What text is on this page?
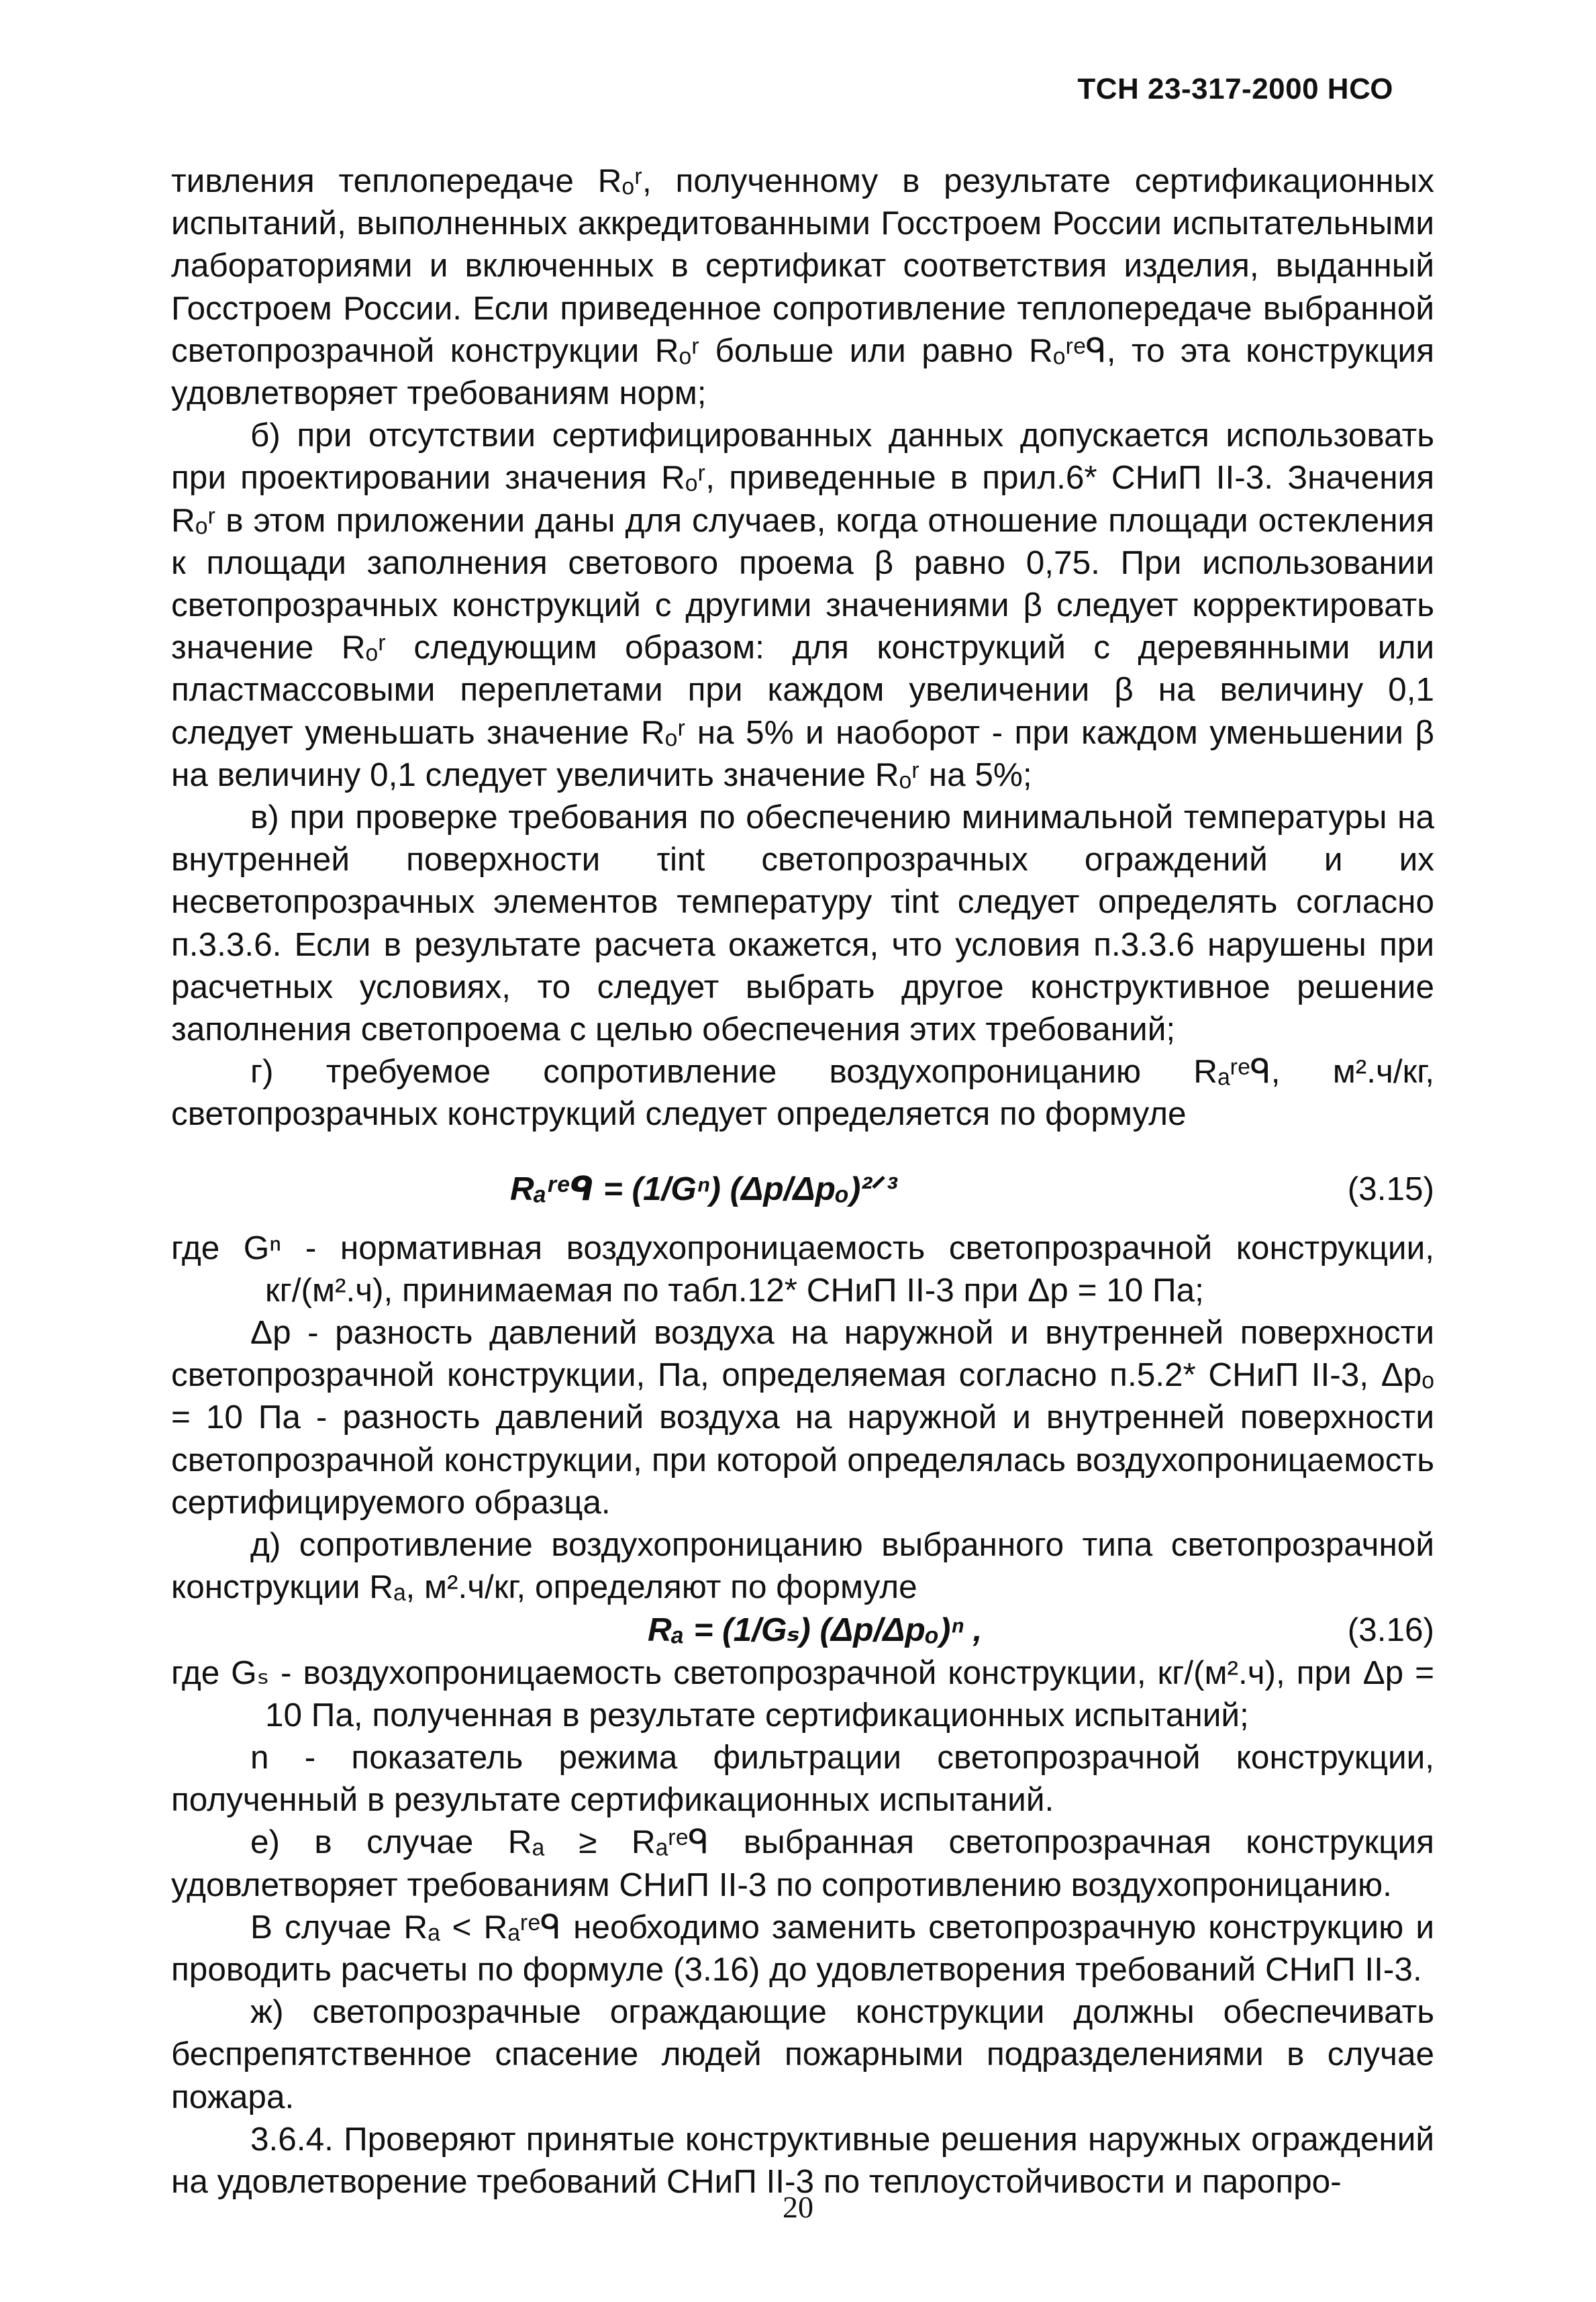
ТСН 23-317-2000 НСО

тивления теплопередаче Rₒʳ, полученному в результате сертификационных испытаний, выполненных аккредитованными Госстроем России испытательными лабораториями и включенных в сертификат соответствия изделия, выданный Госстроем России. Если приведенное сопротивление теплопередаче выбранной светопрозрачной конструкции Rₒʳ больше или равно Rₒʳᵉᑫ, то эта конструкция удовлетворяет требованиям норм;

б) при отсутствии сертифицированных данных допускается использовать при проектировании значения Rₒʳ, приведенные в прил.6* СНиП II-3. Значения Rₒʳ в этом приложении даны для случаев, когда отношение площади остекления к площади заполнения светового проема β равно 0,75. При использовании светопрозрачных конструкций с другими значениями β следует корректировать значение Rₒʳ следующим образом: для конструкций с деревянными или пластмассовыми переплетами при каждом увеличении β на величину 0,1 следует уменьшать значение Rₒʳ на 5% и наоборот - при каждом уменьшении β на величину 0,1 следует увеличить значение Rₒʳ на 5%;

в) при проверке требования по обеспечению минимальной температуры на внутренней поверхности τint светопрозрачных ограждений и их несветопрозрачных элементов температуру τint следует определять согласно п.3.3.6. Если в результате расчета окажется, что условия п.3.3.6 нарушены при расчетных условиях, то следует выбрать другое конструктивное решение заполнения светопроема с целью обеспечения этих требований;

г) требуемое сопротивление воздухопроницанию Rₐʳᵉᑫ, м².ч/кг, светопрозрачных конструкций следует определяется по формуле

Rₐʳᵉᑫ = (1/Gⁿ) (Δp/Δpₒ)²ᐟ³	(3.15)

где Gⁿ - нормативная воздухопроницаемость светопрозрачной конструкции, кг/(м².ч), принимаемая по табл.12* СНиП II-3 при Δp = 10 Па;

Δp - разность давлений воздуха на наружной и внутренней поверхности светопрозрачной конструкции, Па, определяемая согласно п.5.2* СНиП II-3, Δpₒ = 10 Па - разность давлений воздуха на наружной и внутренней поверхности светопрозрачной конструкции, при которой определялась воздухопроницаемость сертифицируемого образца.

д) сопротивление воздухопроницанию выбранного типа светопрозрачной конструкции Rₐ, м².ч/кг, определяют по формуле

Rₐ = (1/Gₛ) (Δp/Δpₒ)ⁿ ,	(3.16)

где Gₛ - воздухопроницаемость светопрозрачной конструкции, кг/(м².ч), при Δp = 10 Па, полученная в результате сертификационных испытаний;

n - показатель режима фильтрации светопрозрачной конструкции, полученный в результате сертификационных испытаний.

е) в случае Rₐ ≥ Rₐʳᵉᑫ выбранная светопрозрачная конструкция удовлетворяет требованиям СНиП II-3 по сопротивлению воздухопроницанию.

В случае Rₐ < Rₐʳᵉᑫ необходимо заменить светопрозрачную конструкцию и проводить расчеты по формуле (3.16) до удовлетворения требований СНиП II-3.

ж) светопрозрачные ограждающие конструкции должны обеспечивать беспрепятственное спасение людей пожарными подразделениями в случае пожара.

3.6.4. Проверяют принятые конструктивные решения наружных ограждений на удовлетворение требований СНиП II-3 по теплоустойчивости и паропро-

20
